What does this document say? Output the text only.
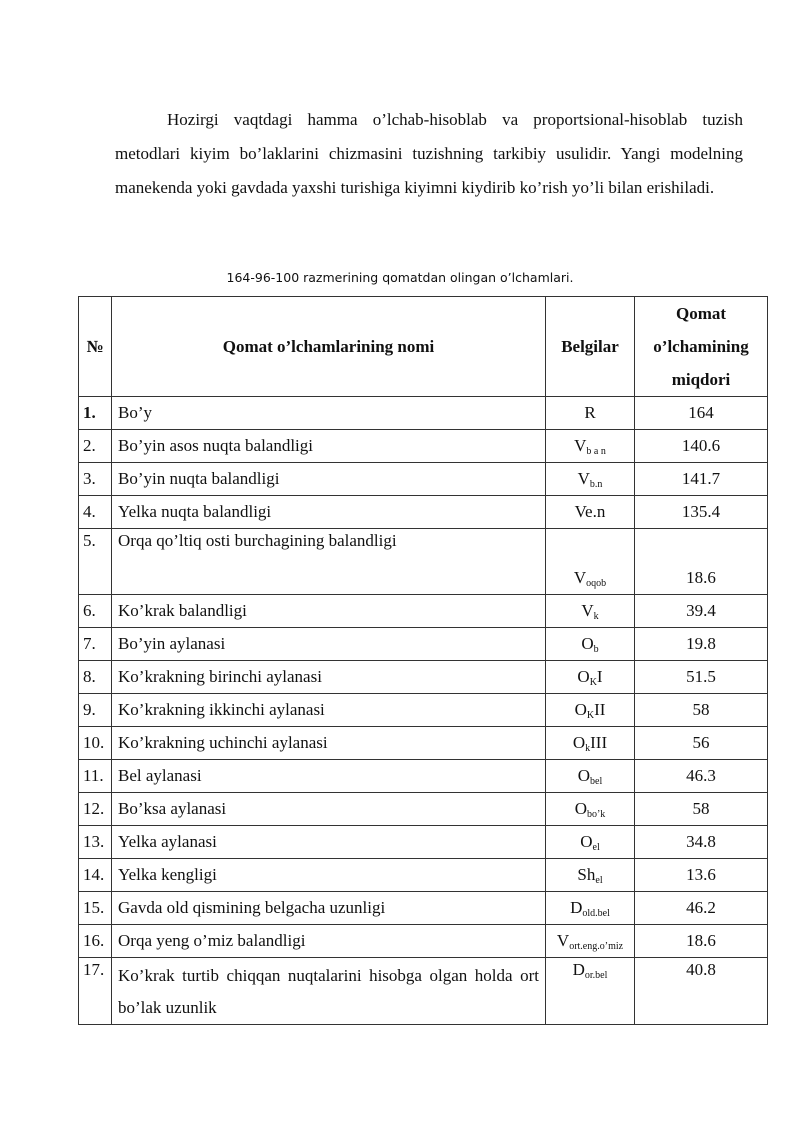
Hozirgi vaqtdagi hamma o’lchab-hisoblab va proportsional-hisoblab tuzish metodlari kiyim bo’laklarini chizmasini tuzishning tarkibiy usulidir. Yangi modelning manekenda yoki gavdada yaxshi turishiga kiyimni kiydirib ko’rish yo’li bilan erishiladi.

164-96-100 razmerining qomatdan olingan o’lchamlari.
№	Qomat o’lchamlarining nomi	Belgilar	Qomat o’lchamining miqdori
1.	Bo’y	R	164
2.	Bo’yin asos nuqta balandligi	$V_{b a n}$	140.6
3.	Bo’yin nuqta balandligi	$V_{b.n}$	141.7
4.	Yelka nuqta balandligi	Ve.n	135.4
5.	Orqa qo’ltiq osti burchagining balandligi	$V_{oqob}$	18.6
6.	Ko’krak balandligi	$V_k$	39.4
7.	Bo’yin aylanasi	$O_b$	19.8
8.	Ko’krakning birinchi aylanasi	$O_KI$	51.5
9.	Ko’krakning ikkinchi aylanasi	$O_KII$	58
10.	Ko’krakning uchinchi aylanasi	$O_kIII$	56
11.	Bel aylanasi	$O_{bel}$	46.3
12.	Bo’ksa aylanasi	$O_{bo’k}$	58
13.	Yelka aylanasi	$O_{el}$	34.8
14.	Yelka kengligi	$Sh_{el}$	13.6
15.	Gavda old qismining belgacha uzunligi	$D_{old.bel}$	46.2
16.	Orqa yeng o’miz balandligi	$V_{ort.eng.o’miz}$	18.6
17.	Ko’krak turtib chiqqan nuqtalarini hisobga olgan holda ort bo’lak uzunlik	$D_{or.bel}$	40.8
